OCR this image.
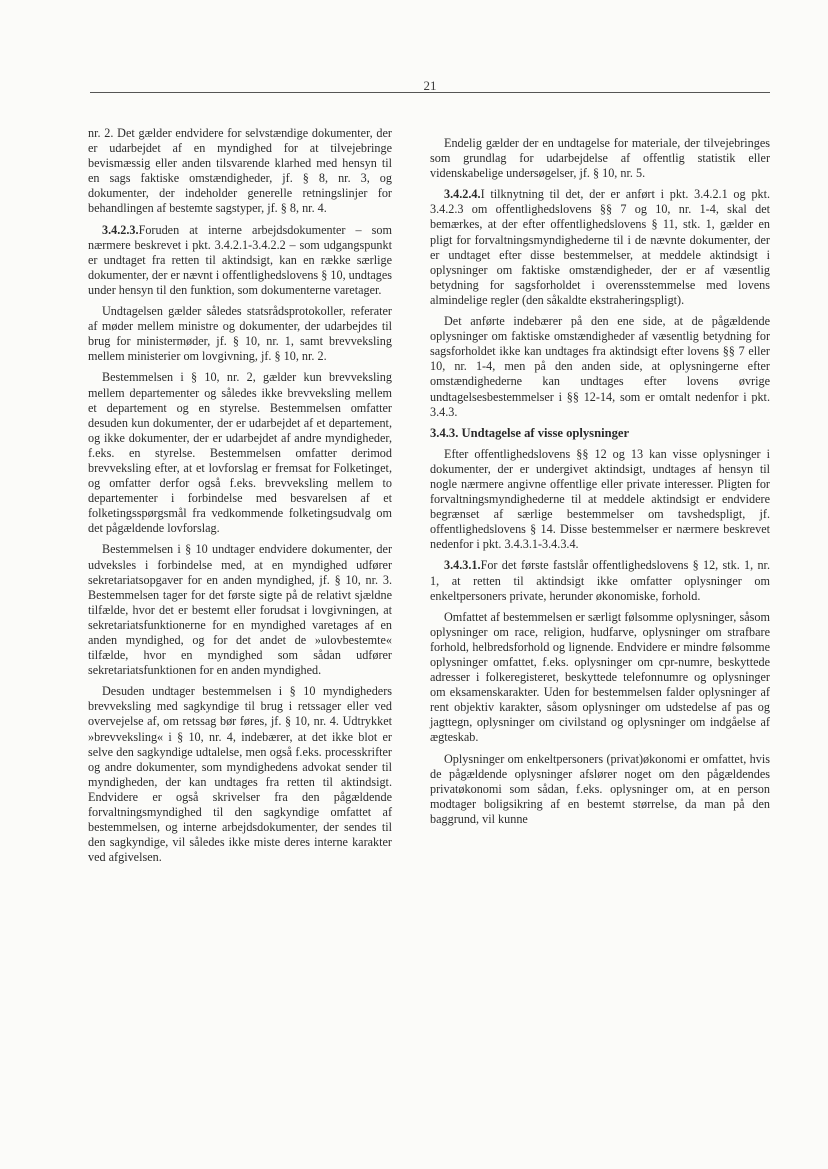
21

nr. 2. Det gælder endvidere for selvstændige dokumenter, der er udarbejdet af en myndighed for at tilvejebringe bevismæssig eller anden tilsvarende klarhed med hensyn til en sags faktiske omstændigheder, jf. § 8, nr. 3, og dokumenter, der indeholder generelle retningslinjer for behandlingen af bestemte sagstyper, jf. § 8, nr. 4.

3.4.2.3.Foruden at interne arbejdsdokumenter – som nærmere beskrevet i pkt. 3.4.2.1-3.4.2.2 – som udgangspunkt er undtaget fra retten til aktindsigt, kan en række særlige dokumenter, der er nævnt i offentlighedslovens § 10, undtages under hensyn til den funktion, som dokumenterne varetager.

Undtagelsen gælder således statsrådsprotokoller, referater af møder mellem ministre og dokumenter, der udarbejdes til brug for ministermøder, jf. § 10, nr. 1, samt brevveksling mellem ministerier om lovgivning, jf. § 10, nr. 2.

Bestemmelsen i § 10, nr. 2, gælder kun brevveksling mellem departementer og således ikke brevveksling mellem et departement og en styrelse. Bestemmelsen omfatter desuden kun dokumenter, der er udarbejdet af et departement, og ikke dokumenter, der er udarbejdet af andre myndigheder, f.eks. en styrelse. Bestemmelsen omfatter derimod brevveksling efter, at et lovforslag er fremsat for Folketinget, og omfatter derfor også f.eks. brevveksling mellem to departementer i forbindelse med besvarelsen af et folketingsspørgsmål fra vedkommende folketingsudvalg om det pågældende lovforslag.

Bestemmelsen i § 10 undtager endvidere dokumenter, der udveksles i forbindelse med, at en myndighed udfører sekretariatsopgaver for en anden myndighed, jf. § 10, nr. 3. Bestemmelsen tager for det første sigte på de relativt sjældne tilfælde, hvor det er bestemt eller forudsat i lovgivningen, at sekretariatsfunktionerne for en myndighed varetages af en anden myndighed, og for det andet de »ulovbestemte« tilfælde, hvor en myndighed som sådan udfører sekretariatsfunktionen for en anden myndighed.

Desuden undtager bestemmelsen i § 10 myndigheders brevveksling med sagkyndige til brug i retssager eller ved overvejelse af, om retssag bør føres, jf. § 10, nr. 4. Udtrykket »brevveksling« i § 10, nr. 4, indebærer, at det ikke blot er selve den sagkyndige udtalelse, men også f.eks. processkrifter og andre dokumenter, som myndighedens advokat sender til myndigheden, der kan undtages fra retten til aktindsigt. Endvidere er også skrivelser fra den pågældende forvaltningsmyndighed til den sagkyndige omfattet af bestemmelsen, og interne arbejdsdokumenter, der sendes til den sagkyndige, vil således ikke miste deres interne karakter ved afgivelsen.

Endelig gælder der en undtagelse for materiale, der tilvejebringes som grundlag for udarbejdelse af offentlig statistik eller videnskabelige undersøgelser, jf. § 10, nr. 5.

3.4.2.4.I tilknytning til det, der er anført i pkt. 3.4.2.1 og pkt. 3.4.2.3 om offentlighedslovens §§ 7 og 10, nr. 1-4, skal det bemærkes, at der efter offentlighedslovens § 11, stk. 1, gælder en pligt for forvaltningsmyndighederne til i de nævnte dokumenter, der er undtaget efter disse bestemmelser, at meddele aktindsigt i oplysninger om faktiske omstændigheder, der er af væsentlig betydning for sagsforholdet i overensstemmelse med lovens almindelige regler (den såkaldte ekstraheringspligt).

Det anførte indebærer på den ene side, at de pågældende oplysninger om faktiske omstændigheder af væsentlig betydning for sagsforholdet ikke kan undtages fra aktindsigt efter lovens §§ 7 eller 10, nr. 1-4, men på den anden side, at oplysningerne efter omstændighederne kan undtages efter lovens øvrige undtagelsesbestemmelser i §§ 12-14, som er omtalt nedenfor i pkt. 3.4.3.

3.4.3. Undtagelse af visse oplysninger

Efter offentlighedslovens §§ 12 og 13 kan visse oplysninger i dokumenter, der er undergivet aktindsigt, undtages af hensyn til nogle nærmere angivne offentlige eller private interesser. Pligten for forvaltningsmyndighederne til at meddele aktindsigt er endvidere begrænset af særlige bestemmelser om tavshedspligt, jf. offentlighedslovens § 14. Disse bestemmelser er nærmere beskrevet nedenfor i pkt. 3.4.3.1-3.4.3.4.

3.4.3.1.For det første fastslår offentlighedslovens § 12, stk. 1, nr. 1, at retten til aktindsigt ikke omfatter oplysninger om enkeltpersoners private, herunder økonomiske, forhold.

Omfattet af bestemmelsen er særligt følsomme oplysninger, såsom oplysninger om race, religion, hudfarve, oplysninger om strafbare forhold, helbredsforhold og lignende. Endvidere er mindre følsomme oplysninger omfattet, f.eks. oplysninger om cpr-numre, beskyttede adresser i folkeregisteret, beskyttede telefonnumre og oplysninger om eksamenskarakter. Uden for bestemmelsen falder oplysninger af rent objektiv karakter, såsom oplysninger om udstedelse af pas og jagttegn, oplysninger om civilstand og oplysninger om indgåelse af ægteskab.

Oplysninger om enkeltpersoners (privat)økonomi er omfattet, hvis de pågældende oplysninger afslører noget om den pågældendes privatøkonomi som sådan, f.eks. oplysninger om, at en person modtager boligsikring af en bestemt størrelse, da man på den baggrund, vil kunne
